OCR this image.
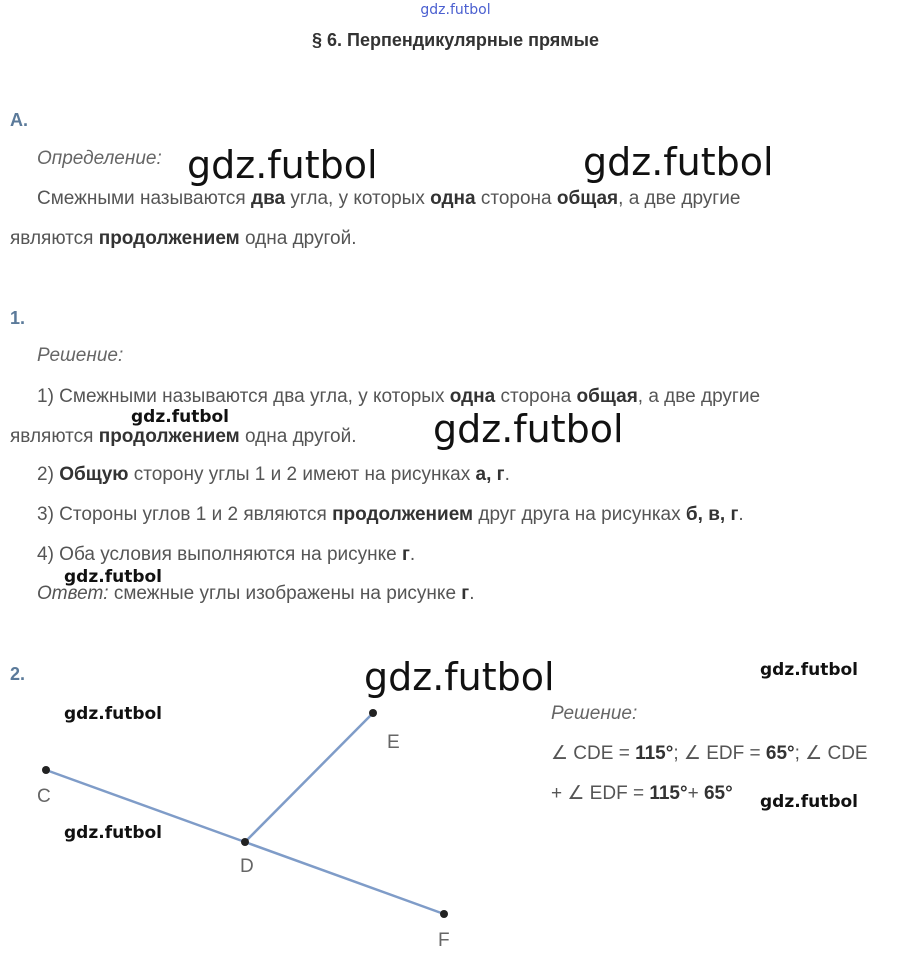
gdz.futbol
§ 6. Перпендикулярные прямые
А.
Определение:
Смежными называются два угла, у которых одна сторона общая, а две другие
являются продолжением одна другой.
1.
Решение:
1) Смежными называются два угла, у которых одна сторона общая, а две другие
являются продолжением одна другой.
2) Общую сторону углы 1 и 2 имеют на рисунках а, г.
3) Стороны углов 1 и 2 являются продолжением друг друга на рисунках б, в, г.
4) Оба условия выполняются на рисунке г.
Ответ: смежные углы изображены на рисунке г.
2.
Решение:
∠ CDE = 115°; ∠ EDF = 65°; ∠ CDE
+ ∠ EDF = 115°+ 65°
C
D
E
F
gdz.futbol	gdz.futbol
gdz.futbol
gdz.futbol
gdz.futbol
gdz.futbol
gdz.futbol
gdz.futbol
gdz.futbol
gdz.futbol
